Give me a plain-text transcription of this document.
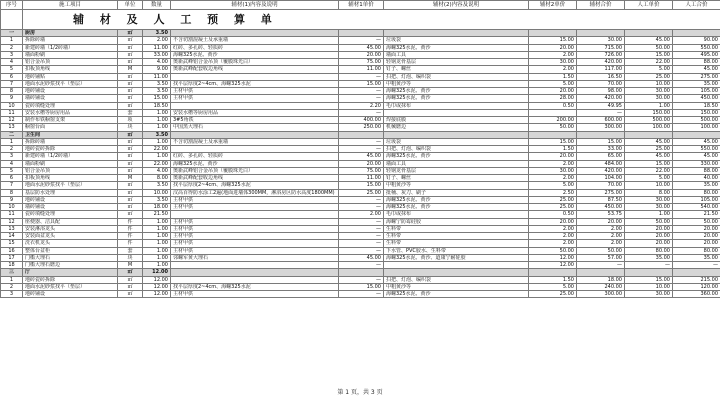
序号	施工项目	单位	数量	辅材(1)内容及说明	辅材1单价	辅材(2)内容及说明	辅材2单价	辅材合价	人工单价	人工合价
	辅 材 及 人 工 预 算 单									
一	厨房	㎡	3.50							
1	拆除砖墙	㎡	2.00	不含切割混凝土及承重墙	—	垃圾袋	15.00	30.00	45.00	90.00
2	新建砖墙（1/2砖墙）	㎡	11.00	红砖、多孔砖、轻质砖	45.00	海螺325水泥、黄沙	20.00	715.00	50.00	550.00
3	墙面粉刷	㎡	33.00	海螺325水泥、黄沙	20.00	墙面工具	2.00	726.00	15.00	495.00
4	铝合金吊顶	㎡	4.00	奥新武峰铝合金吊顶（覆膜珠光白）	75.00	轻钢龙骨基层	30.00	420.00	22.00	88.00
5	扣板顶角线	M	9.00	奥新武峰配套收边角线	11.00	钉子、螺丝	2.00	117.00	5.00	45.00
6	地砖铺贴	㎡	11.00		—	扫把、灯泡、编织袋	1.50	16.50	25.00	275.00
7	地面水泥砂浆找平（垫层）	㎡	3.50	找平层厚度2~4cm、海螺325水泥	15.00	中粗黄沙等	5.00	70.00	10.00	35.00
8	地砖铺设	㎡	3.50	主材甲供	—	海螺325水泥、黄沙	20.00	98.00	30.00	105.00
9	墙砖铺设	㎡	15.00	主材甲供	—	海螺325水泥、黄沙	28.00	420.00	30.00	450.00
10	瓷砖填缝处理	㎡	18.50		2.20	毛巾或抹布	0.50	49.95	1.00	18.50
11	安装水槽等厨房用品	套	1.00	安装水槽等厨房用品	—			—	150.00	150.00
12	制作布铁橱窗支架	项	1.00	3#5角铁	400.00	焊接底膜	200.00	600.00	500.00	500.00
13	橱窗台面	块	1.00	中国黑大理石	250.00	机械磨边	50.00	300.00	100.00	100.00
二	卫生间	㎡	3.50							
1	拆除砖墙	㎡	1.00	不含切割混凝土及承重墙	—	垃圾袋	15.00	15.00	45.00	45.00
2	地砖瓷砖拆除	㎡	22.00		—	扫把、灯泡、编织袋	1.50	33.00	25.00	550.00
3	新建砖墙（1/2砖墙）	㎡	1.00	红砖、多孔砖、轻质砖	45.00	海螺325水泥、黄沙	20.00	65.00	45.00	45.00
4	墙面粉刷	㎡	22.00	海螺325水泥、黄沙	20.00	墙面工具	2.00	484.00	15.00	330.00
5	铝合金吊顶	㎡	4.00	奥新武峰铝合金吊顶（覆膜珠光白）	75.00	轻钢龙骨基层	30.00	420.00	22.00	88.00
6	扣板顶角线	M	8.00	奥新武峰配套收边角线	11.00	钉子、螺丝	2.00	104.00	5.00	40.00
7	地面水泥砂浆找平（垫层）	㎡	3.50	找平层厚度2~4cm、海螺325水泥	15.00	中粗黄沙等	5.00	70.00	10.00	35.00
8	基层防水处理	㎡	10.00	汉高百得防水涂工2遍(地面进墙体300MM，淋浴房区防水高度1800MM)	25.00	批桶、灰刀、刷子	2.50	275.00	8.00	80.00
9	地砖铺设	㎡	3.50	主材甲供	—	海螺325水泥、黄沙	25.00	87.50	30.00	105.00
10	墙砖铺设	㎡	18.00	主材甲供	—	海螺325水泥、黄沙	25.00	450.00	30.00	540.00
11	瓷砖填缝处理	㎡	21.50		2.00	毛巾或抹布	0.50	53.75	1.00	21.50
12	座便器、洁具配	件	1.00	主材甲供	—	海螺宁防霉硅胶	20.00	20.00	50.00	50.00
13	安装淋浴龙头	件	1.00	主材甲供	—	生料带	2.00	2.00	20.00	20.00
14	安装面盆龙头	件	1.00	主材甲供	—	生料带	2.00	2.00	20.00	20.00
15	洗衣机龙头	件	1.00	主材甲供	—	生料带	2.00	2.00	20.00	20.00
16	整体台盆柜	套	1.00	主材甲供	—	下水管、PVC胶水、生料带	50.00	50.00	80.00	80.00
17	门槛大理石	块	1.00	邻螺军黄大理石	45.00	海螺325水泥、黄沙、道康宁耐硅胶	12.00	57.00	35.00	35.00
18	门槛大理石磨边	M	1.00		—		12.00	—	—	—
三	厅	㎡	12.00							
1	地砖瓷砖拆除	㎡	12.00		—	扫把、灯泡、编织袋	1.50	18.00	15.00	215.00
2	地面水泥砂浆找平（垫层）	㎡	12.00	找平层厚度2~4cm、海螺325水泥	15.00	中粗黄沙等	5.00	240.00	10.00	120.00
3	地砖铺设	㎡	12.00	主材甲供	—	海螺325水泥、黄沙	25.00	300.00	30.00	360.00
第 1 页，共 3 页
